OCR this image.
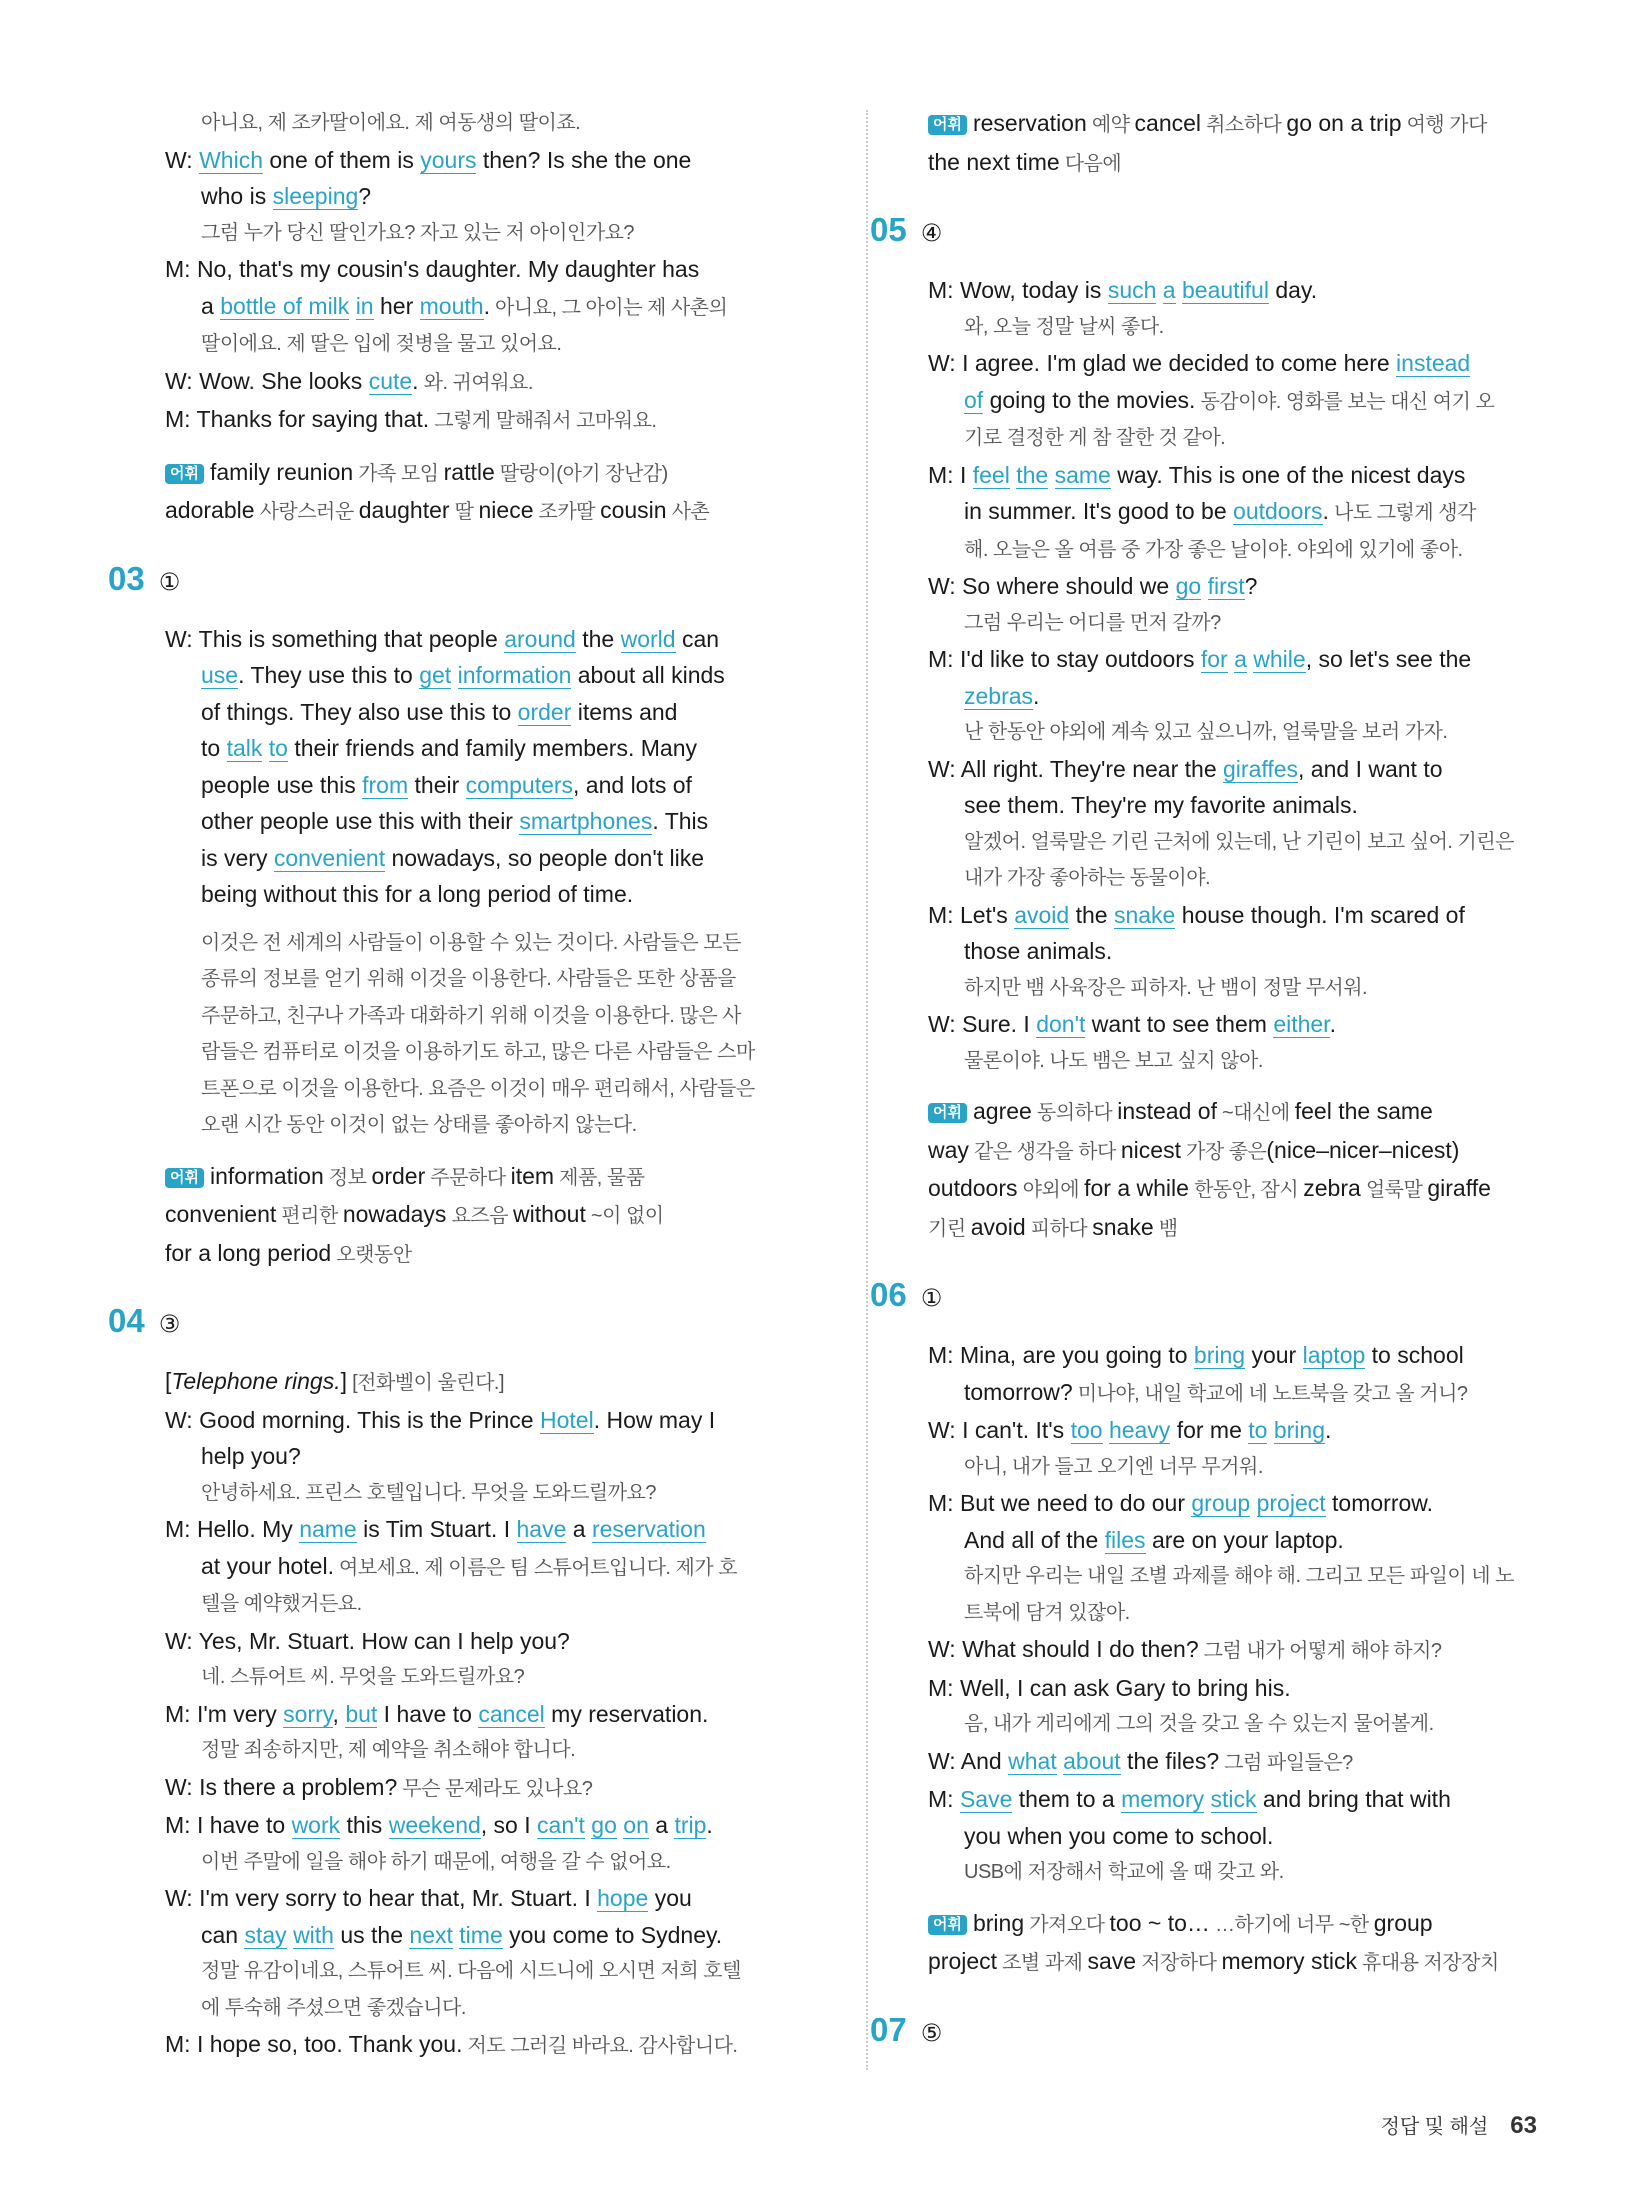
아니요, 제 조카딸이에요. 제 여동생의 딸이죠.
W: Which one of them is yours then? Is she the one
who is sleeping?
그럼 누가 당신 딸인가요? 자고 있는 저 아이인가요?
M: No, that's my cousin's daughter. My daughter has
a bottle of milk in her mouth. 아니요, 그 아이는 제 사촌의
딸이에요. 제 딸은 입에 젖병을 물고 있어요.
W: Wow. She looks cute. 와. 귀여워요.
M: Thanks for saying that. 그렇게 말해줘서 고마워요.
어휘 family reunion 가족 모임 rattle 딸랑이(아기 장난감)
adorable 사랑스러운 daughter 딸 niece 조카딸 cousin 사촌
03 ①
W: This is something that people around the world can
use. They use this to get information about all kinds
of things. They also use this to order items and
to talk to their friends and family members. Many
people use this from their computers, and lots of
other people use this with their smartphones. This
is very convenient nowadays, so people don't like
being without this for a long period of time.
이것은 전 세계의 사람들이 이용할 수 있는 것이다. 사람들은 모든
종류의 정보를 얻기 위해 이것을 이용한다. 사람들은 또한 상품을
주문하고, 친구나 가족과 대화하기 위해 이것을 이용한다. 많은 사
람들은 컴퓨터로 이것을 이용하기도 하고, 많은 다른 사람들은 스마
트폰으로 이것을 이용한다. 요즘은 이것이 매우 편리해서, 사람들은
오랜 시간 동안 이것이 없는 상태를 좋아하지 않는다.
어휘 information 정보 order 주문하다 item 제품, 물품
convenient 편리한 nowadays 요즈음 without ~이 없이
for a long period 오랫동안
04 ③
[Telephone rings.] [전화벨이 울린다.]
W: Good morning. This is the Prince Hotel. How may I
help you?
안녕하세요. 프린스 호텔입니다. 무엇을 도와드릴까요?
M: Hello. My name is Tim Stuart. I have a reservation
at your hotel. 여보세요. 제 이름은 팀 스튜어트입니다. 제가 호
텔을 예약했거든요.
W: Yes, Mr. Stuart. How can I help you?
네. 스튜어트 씨. 무엇을 도와드릴까요?
M: I'm very sorry, but I have to cancel my reservation.
정말 죄송하지만, 제 예약을 취소해야 합니다.
W: Is there a problem? 무슨 문제라도 있나요?
M: I have to work this weekend, so I can't go on a trip.
이번 주말에 일을 해야 하기 때문에, 여행을 갈 수 없어요.
W: I'm very sorry to hear that, Mr. Stuart. I hope you
can stay with us the next time you come to Sydney.
정말 유감이네요, 스튜어트 씨. 다음에 시드니에 오시면 저희 호텔
에 투숙해 주셨으면 좋겠습니다.
M: I hope so, too. Thank you. 저도 그러길 바라요. 감사합니다.
어휘 reservation 예약 cancel 취소하다 go on a trip 여행 가다
the next time 다음에
05 ④
M: Wow, today is such a beautiful day.
와, 오늘 정말 날씨 좋다.
W: I agree. I'm glad we decided to come here instead
of going to the movies. 동감이야. 영화를 보는 대신 여기 오
기로 결정한 게 참 잘한 것 같아.
M: I feel the same way. This is one of the nicest days
in summer. It's good to be outdoors. 나도 그렇게 생각
해. 오늘은 올 여름 중 가장 좋은 날이야. 야외에 있기에 좋아.
W: So where should we go first?
그럼 우리는 어디를 먼저 갈까?
M: I'd like to stay outdoors for a while, so let's see the
zebras.
난 한동안 야외에 계속 있고 싶으니까, 얼룩말을 보러 가자.
W: All right. They're near the giraffes, and I want to
see them. They're my favorite animals.
알겠어. 얼룩말은 기린 근처에 있는데, 난 기린이 보고 싶어. 기린은
내가 가장 좋아하는 동물이야.
M: Let's avoid the snake house though. I'm scared of
those animals.
하지만 뱀 사육장은 피하자. 난 뱀이 정말 무서워.
W: Sure. I don't want to see them either.
물론이야. 나도 뱀은 보고 싶지 않아.
어휘 agree 동의하다 instead of ~대신에 feel the same
way 같은 생각을 하다 nicest 가장 좋은(nice–nicer–nicest)
outdoors 야외에 for a while 한동안, 잠시 zebra 얼룩말 giraffe
기린 avoid 피하다 snake 뱀
06 ①
M: Mina, are you going to bring your laptop to school
tomorrow? 미나야, 내일 학교에 네 노트북을 갖고 올 거니?
W: I can't. It's too heavy for me to bring.
아니, 내가 들고 오기엔 너무 무거워.
M: But we need to do our group project tomorrow.
And all of the files are on your laptop.
하지만 우리는 내일 조별 과제를 해야 해. 그리고 모든 파일이 네 노
트북에 담겨 있잖아.
W: What should I do then? 그럼 내가 어떻게 해야 하지?
M: Well, I can ask Gary to bring his.
음, 내가 게리에게 그의 것을 갖고 올 수 있는지 물어볼게.
W: And what about the files? 그럼 파일들은?
M: Save them to a memory stick and bring that with
you when you come to school.
USB에 저장해서 학교에 올 때 갖고 와.
어휘 bring 가져오다 too ~ to… …하기에 너무 ~한 group
project 조별 과제 save 저장하다 memory stick 휴대용 저장장치
07 ⑤
정답 및 해설 63
